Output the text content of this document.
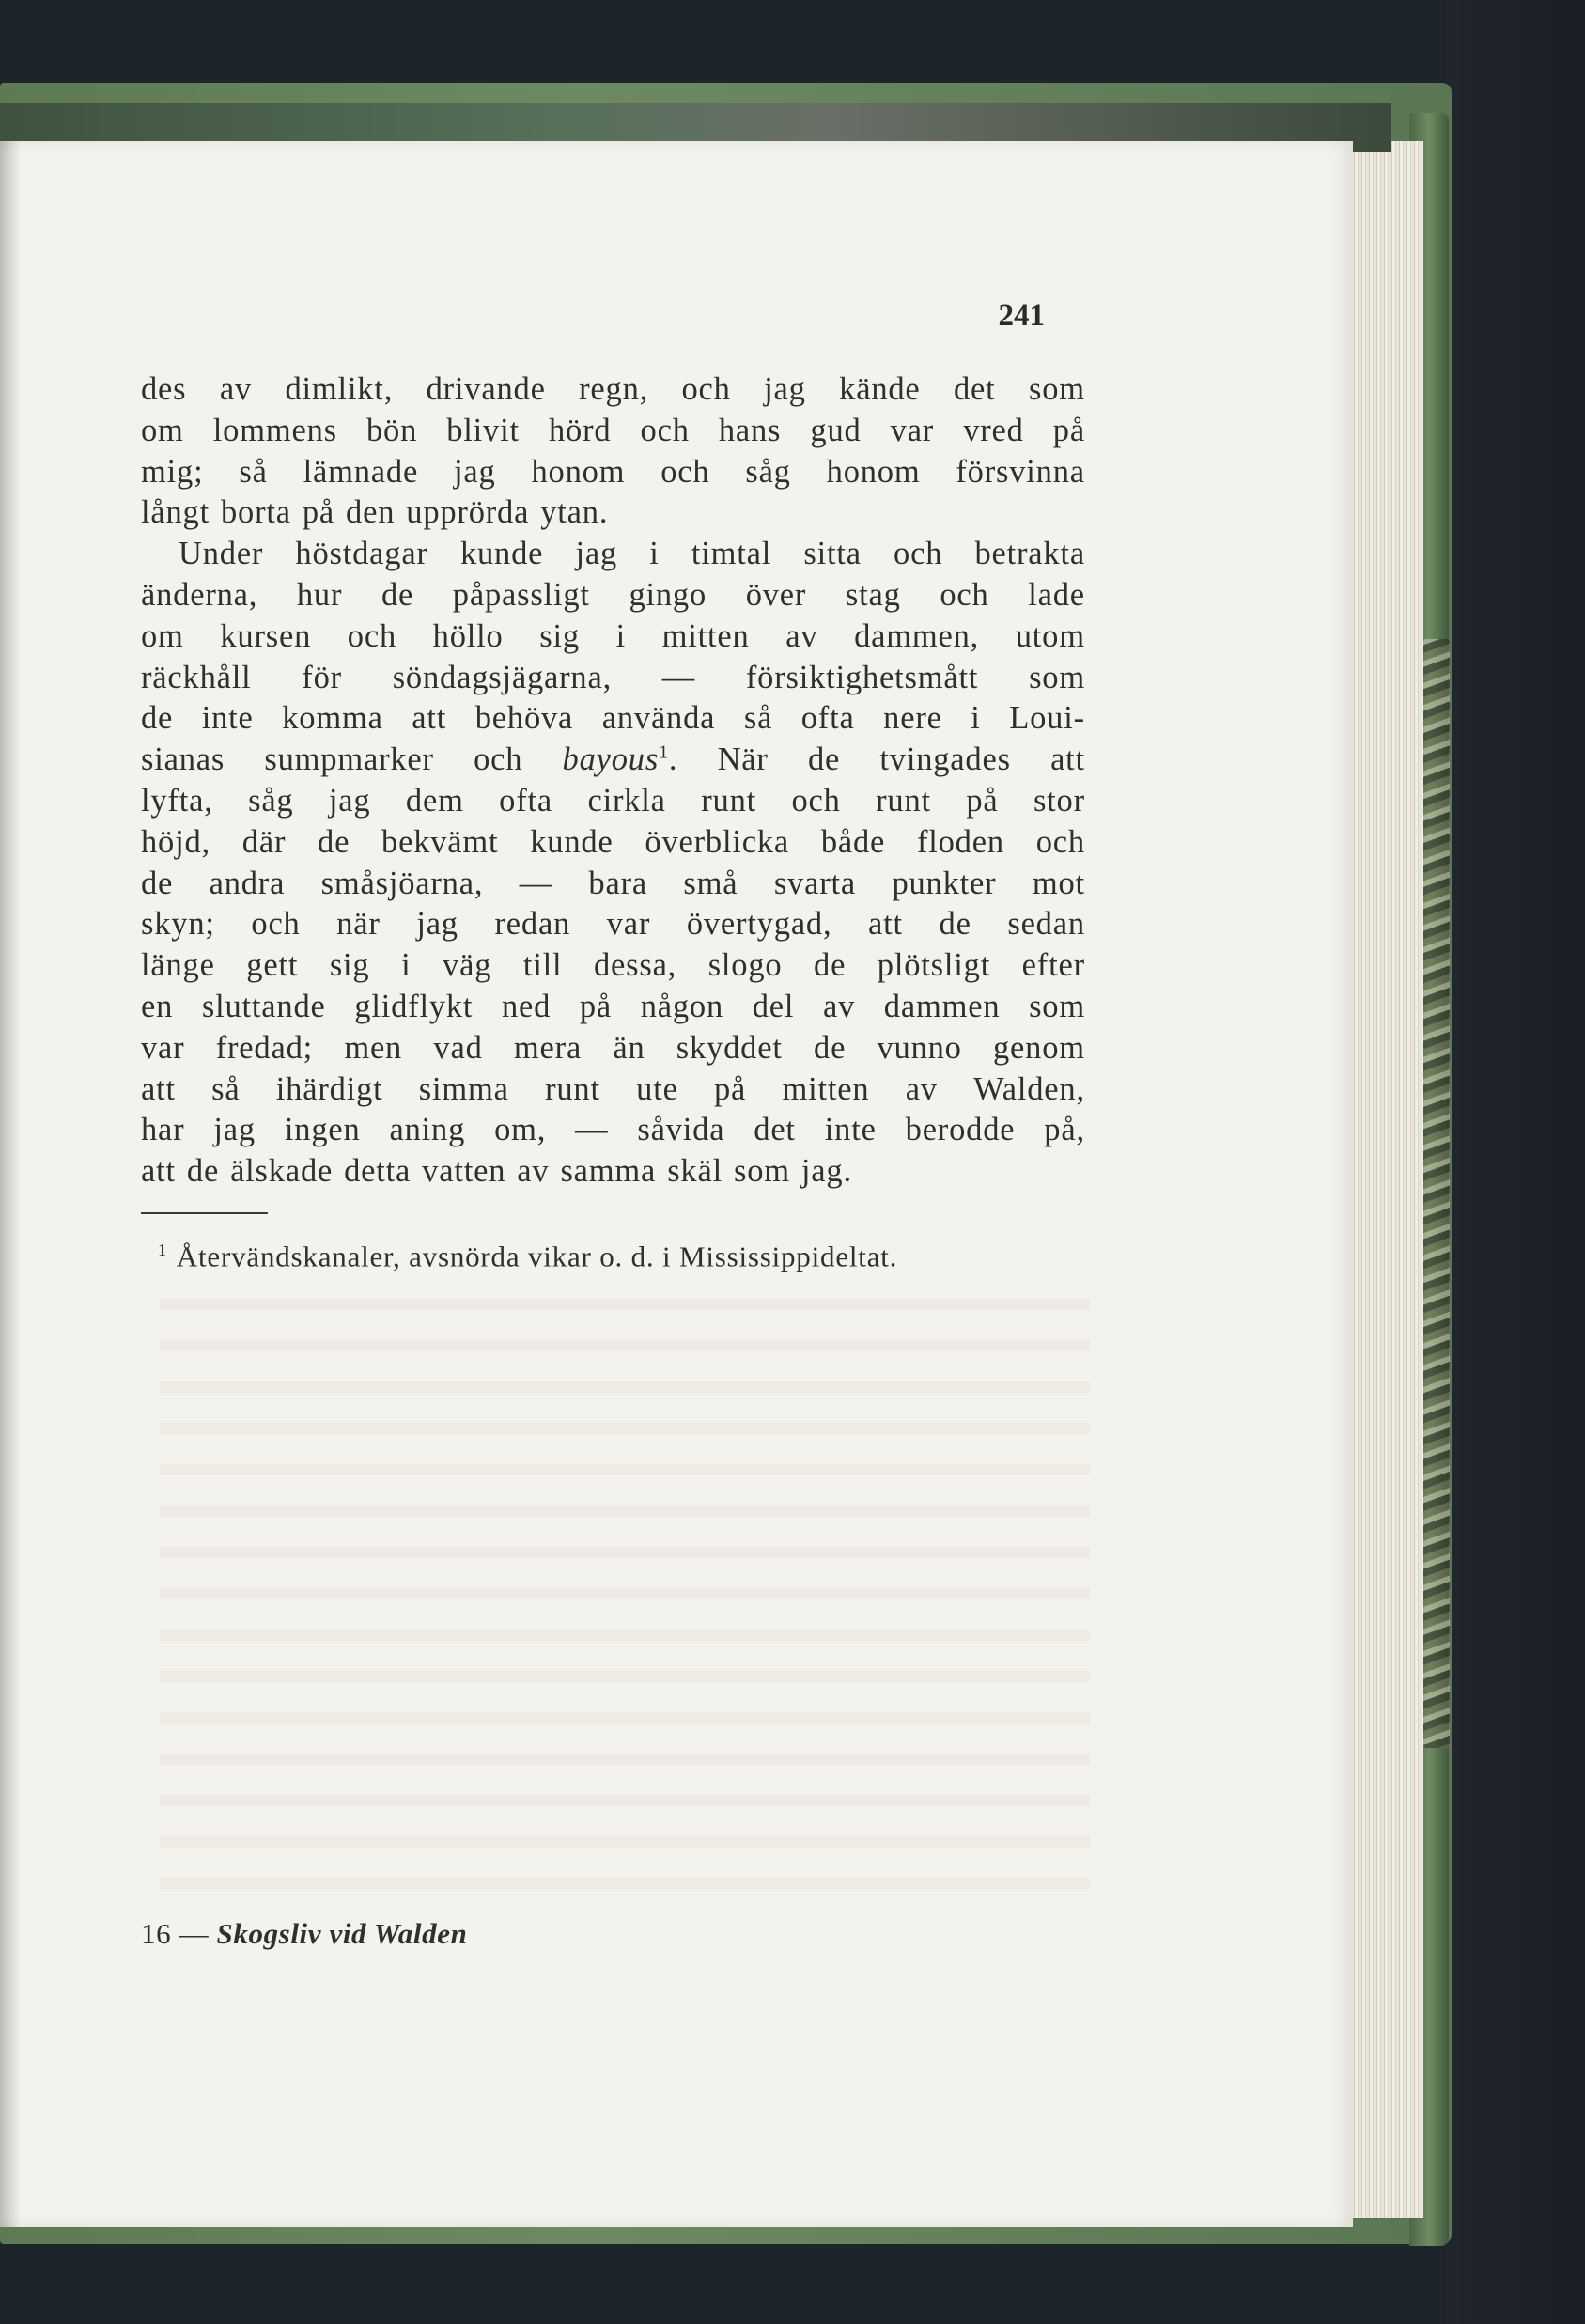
241
des av dimlikt, drivande regn, och jag kände det som
om lommens bön blivit hörd och hans gud var vred på
mig; så lämnade jag honom och såg honom försvinna
långt borta på den upprörda ytan.
Under höstdagar kunde jag i timtal sitta och betrakta
änderna, hur de påpassligt gingo över stag och lade
om kursen och höllo sig i mitten av dammen, utom
räckhåll för söndagsjägarna, — försiktighetsmått som
de inte komma att behöva använda så ofta nere i Loui-
sianas sumpmarker och bayous$^1$. När de tvingades att
lyfta, såg jag dem ofta cirkla runt och runt på stor
höjd, där de bekvämt kunde överblicka både floden och
de andra småsjöarna, — bara små svarta punkter mot
skyn; och när jag redan var övertygad, att de sedan
länge gett sig i väg till dessa, slogo de plötsligt efter
en sluttande glidflykt ned på någon del av dammen som
var fredad; men vad mera än skyddet de vunno genom
att så ihärdigt simma runt ute på mitten av Walden,
har jag ingen aning om, — såvida det inte berodde på,
att de älskade detta vatten av samma skäl som jag.
$^1$ Återvändskanaler, avsnörda vikar o. d. i Mississippideltat.
16 — Skogsliv vid Walden
